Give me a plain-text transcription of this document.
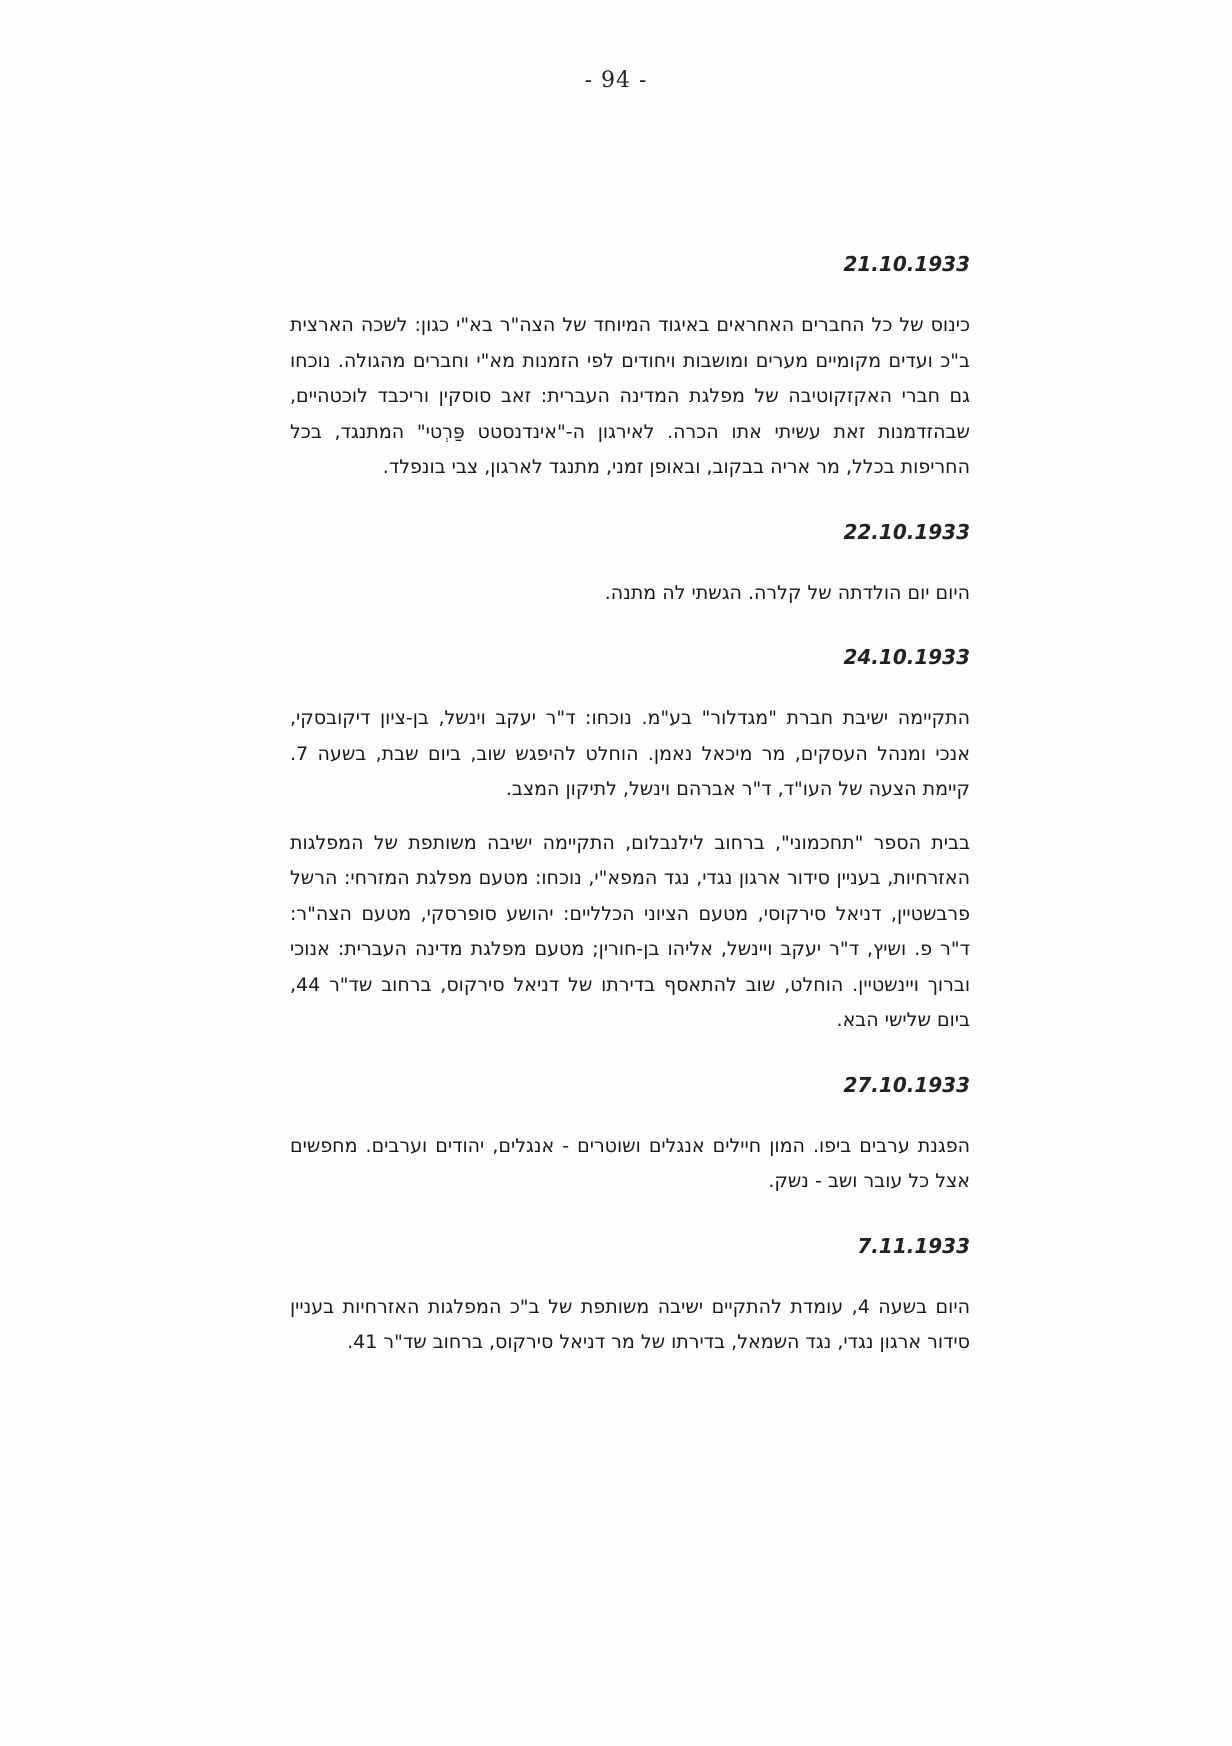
- 94 -
21.10.1933
כינוס של כל החברים האחראים באיגוד המיוחד של הצה"ר בא"י כגון: לשכה הארצית ב"כ ועדים מקומיים מערים ומושבות ויחודים לפי הזמנות מא"י וחברים מהגולה. נוכחו גם חברי האקזקוטיבה של מפלגת המדינה העברית: זאב סוסקין וריכבד לוכטהיים, שבהזדמנות זאת עשיתי אתו הכרה. לאירגון ה-"אינדנסטט פַּרְטי" המתנגד, בכל החריפות בכלל, מר אריה בבקוב, ובאופן זמני, מתנגד לארגון, צבי בונפלד.
22.10.1933
היום יום הולדתה של קלרה. הגשתי לה מתנה.
24.10.1933
התקיימה ישיבת חברת "מגדלור" בע"מ. נוכחו: ד"ר יעקב וינשל, בן-ציון דיקובסקי, אנכי ומנהל העסקים, מר מיכאל נאמן. הוחלט להיפגש שוב, ביום שבת, בשעה 7. קיימת הצעה של העו"ד, ד"ר אברהם וינשל, לתיקון המצב.
בבית הספר "תחכמוני", ברחוב לילנבלום, התקיימה ישיבה משותפת של המפלגות האזרחיות, בעניין סידור ארגון נגדי, נגד המפא"י, נוכחו: מטעם מפלגת המזרחי: הרשל פרבשטיין, דניאל סירקוסי, מטעם הציוני הכלליים: יהושע סופרסקי, מטעם הצה"ר: ד"ר פ. ושיץ, ד"ר יעקב ויינשל, אליהו בן-חורין; מטעם מפלגת מדינה העברית: אנוכי וברוך ויינשטיין. הוחלט, שוב להתאסף בדירתו של דניאל סירקוס, ברחוב שד"ר 44, ביום שלישי הבא.
27.10.1933
הפגנת ערבים ביפו. המון חיילים אנגלים ושוטרים - אנגלים, יהודים וערבים. מחפשים אצל כל עובר ושב - נשק.
7.11.1933
היום בשעה 4, עומדת להתקיים ישיבה משותפת של ב"כ המפלגות האזרחיות בעניין סידור ארגון נגדי, נגד השמאל, בדירתו של מר דניאל סירקוס, ברחוב שד"ר 41.
